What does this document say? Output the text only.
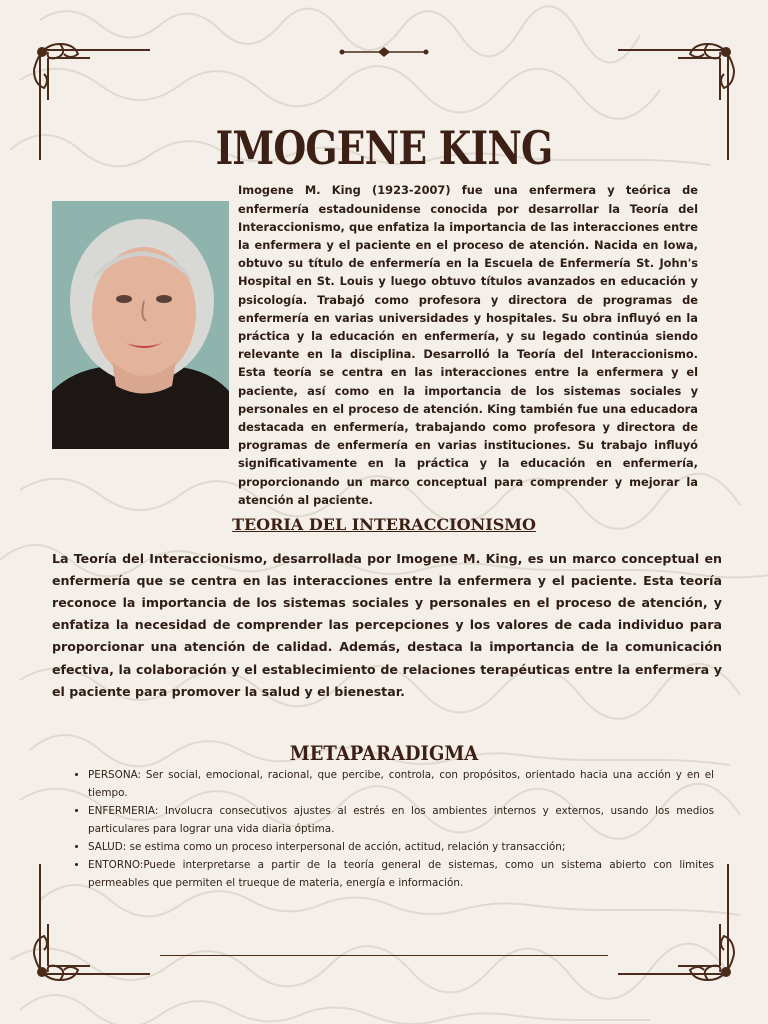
IMOGENE KING

Imogene M. King (1923-2007) fue una enfermera y teórica de enfermería estadounidense conocida por desarrollar la Teoría del Interaccionismo, que enfatiza la importancia de las interacciones entre la enfermera y el paciente en el proceso de atención. Nacida en Iowa, obtuvo su título de enfermería en la Escuela de Enfermería St. John's Hospital en St. Louis y luego obtuvo títulos avanzados en educación y psicología. Trabajó como profesora y directora de programas de enfermería en varias universidades y hospitales. Su obra influyó en la práctica y la educación en enfermería, y su legado continúa siendo relevante en la disciplina. Desarrolló la Teoría del Interaccionismo. Esta teoría se centra en las interacciones entre la enfermera y el paciente, así como en la importancia de los sistemas sociales y personales en el proceso de atención. King también fue una educadora destacada en enfermería, trabajando como profesora y directora de programas de enfermería en varias instituciones. Su trabajo influyó significativamente en la práctica y la educación en enfermería, proporcionando un marco conceptual para comprender y mejorar la atención al paciente.

TEORIA DEL INTERACCIONISMO

La Teoría del Interaccionismo, desarrollada por Imogene M. King, es un marco conceptual en enfermería que se centra en las interacciones entre la enfermera y el paciente. Esta teoría reconoce la importancia de los sistemas sociales y personales en el proceso de atención, y enfatiza la necesidad de comprender las percepciones y los valores de cada individuo para proporcionar una atención de calidad. Además, destaca la importancia de la comunicación efectiva, la colaboración y el establecimiento de relaciones terapéuticas entre la enfermera y el paciente para promover la salud y el bienestar.

METAPARADIGMA
• PERSONA: Ser social, emocional, racional, que percibe, controla, con propósitos, orientado hacia una acción y en el tiempo.
• ENFERMERIA: Involucra consecutivos ajustes al estrés en los ambientes internos y externos, usando los medios particulares para lograr una vida diaria óptima.
• SALUD: se estima como un proceso interpersonal de acción, actitud, relación y transacción;
• ENTORNO:Puede interpretarse a partir de la teoría general de sistemas, como un sistema abierto con limites permeables que permiten el trueque de materia, energía e información.
